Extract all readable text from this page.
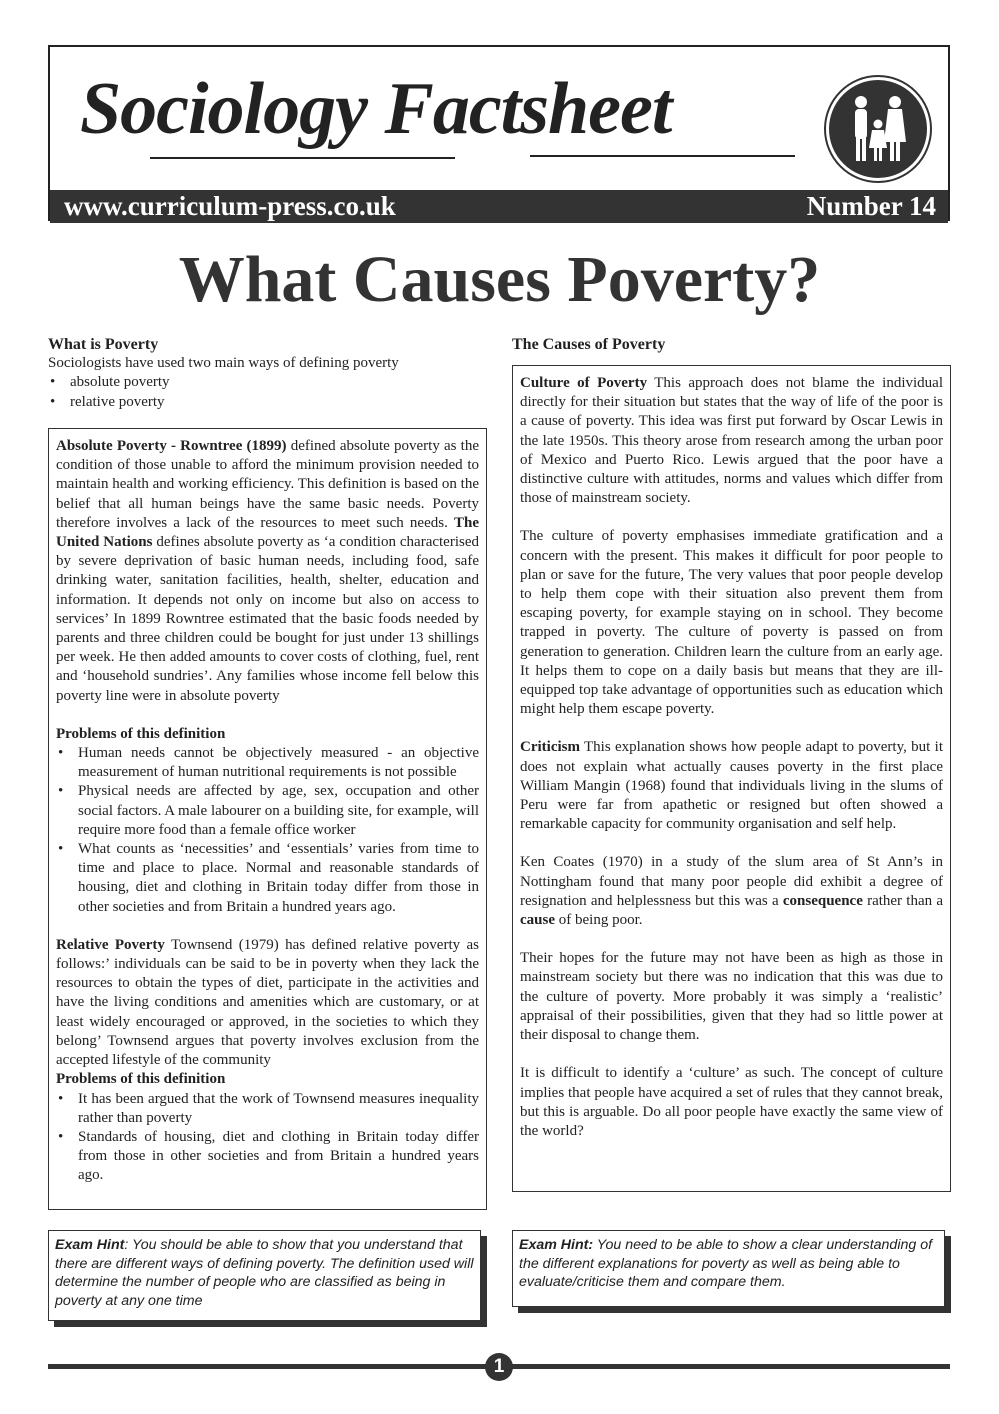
Sociology Factsheet
www.curriculum-press.co.uk	Number 14
What Causes Poverty?

What is Poverty

Sociologists have used two main ways of defining poverty

• absolute poverty
• relative poverty

Absolute Poverty - Rowntree (1899) defined absolute poverty as the condition of those unable to afford the minimum provision needed to maintain health and working efficiency. This definition is based on the belief that all human beings have the same basic needs. Poverty therefore involves a lack of the resources to meet such needs. The United Nations defines absolute poverty as ‘a condition characterised by severe deprivation of basic human needs, including food, safe drinking water, sanitation facilities, health, shelter, education and information. It depends not only on income but also on access to services’ In 1899 Rowntree estimated that the basic foods needed by parents and three children could be bought for just under 13 shillings per week. He then added amounts to cover costs of clothing, fuel, rent and ‘household sundries’. Any families whose income fell below this poverty line were in absolute poverty

Problems of this definition

• Human needs cannot be objectively measured - an objective measurement of human nutritional requirements is not possible
• Physical needs are affected by age, sex, occupation and other social factors. A male labourer on a building site, for example, will require more food than a female office worker
• What counts as ‘necessities’ and ‘essentials’ varies from time to time and place to place. Normal and reasonable standards of housing, diet and clothing in Britain today differ from those in other societies and from Britain a hundred years ago.

Relative Poverty Townsend (1979) has defined relative poverty as follows:’ individuals can be said to be in poverty when they lack the resources to obtain the types of diet, participate in the activities and have the living conditions and amenities which are customary, or at least widely encouraged or approved, in the societies to which they belong’ Townsend argues that poverty involves exclusion from the accepted lifestyle of the community

Problems of this definition

• It has been argued that the work of Townsend measures inequality rather than poverty
• Standards of housing, diet and clothing in Britain today differ from those in other societies and from Britain a hundred years ago.

The Causes of Poverty

Culture of Poverty This approach does not blame the individual directly for their situation but states that the way of life of the poor is a cause of poverty. This idea was first put forward by Oscar Lewis in the late 1950s. This theory arose from research among the urban poor of Mexico and Puerto Rico. Lewis argued that the poor have a distinctive culture with attitudes, norms and values which differ from those of mainstream society.

The culture of poverty emphasises immediate gratification and a concern with the present. This makes it difficult for poor people to plan or save for the future, The very values that poor people develop to help them cope with their situation also prevent them from escaping poverty, for example staying on in school. They become trapped in poverty. The culture of poverty is passed on from generation to generation. Children learn the culture from an early age. It helps them to cope on a daily basis but means that they are ill-equipped top take advantage of opportunities such as education which might help them escape poverty.

Criticism This explanation shows how people adapt to poverty, but it does not explain what actually causes poverty in the first place William Mangin (1968) found that individuals living in the slums of Peru were far from apathetic or resigned but often showed a remarkable capacity for community organisation and self help.

Ken Coates (1970) in a study of the slum area of St Ann’s in Nottingham found that many poor people did exhibit a degree of resignation and helplessness but this was a consequence rather than a cause of being poor.

Their hopes for the future may not have been as high as those in mainstream society but there was no indication that this was due to the culture of poverty. More probably it was simply a ‘realistic’ appraisal of their possibilities, given that they had so little power at their disposal to change them.

It is difficult to identify a ‘culture’ as such. The concept of culture implies that people have acquired a set of rules that they cannot break, but this is arguable. Do all poor people have exactly the same view of the world?

Exam Hint: You should be able to show that you understand that there are different ways of defining poverty. The definition used will determine the number of people who are classified as being in poverty at any one time
Exam Hint: You need to be able to show a clear understanding of the different explanations for poverty as well as being able to evaluate/criticise them and compare them.
1
